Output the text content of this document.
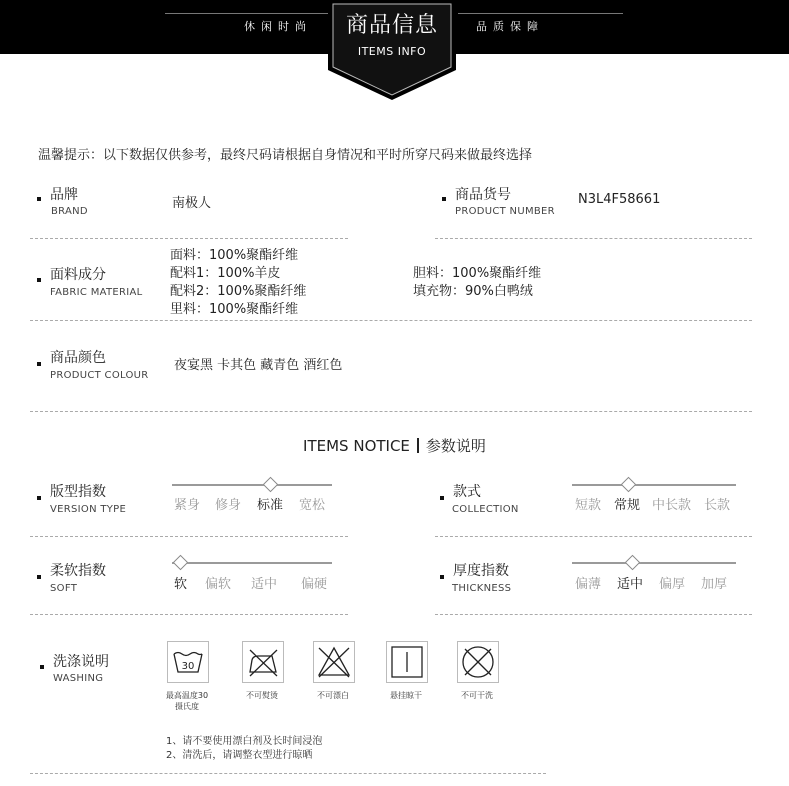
休闲时尚	品质保障
商品信息
ITEMS INFO
温馨提示：以下数据仅供参考，最终尺码请根据自身情况和平时所穿尺码来做最终选择
品牌
BRAND
南极人
商品货号
PRODUCT NUMBER
N3L4F58661
面料成分
FABRIC MATERIAL
面料：100%聚酯纤维
配料1：100%羊皮
配料2：100%聚酯纤维
里料：100%聚酯纤维
胆料：100%聚酯纤维
填充物：90%白鸭绒
商品颜色
PRODUCT COLOUR
夜宴黑 卡其色 藏青色 酒红色
ITEMS NOTICE 参数说明
版型指数
VERSION TYPE	紧身 修身 标准 宽松
款式
COLLECTION	短款 常规 中长款 长款
柔软指数
SOFT	软 偏软 适中 偏硬
厚度指数
THICKNESS	偏薄 适中 偏厚 加厚
洗涤说明
WASHING
30
最高温度30
摄氏度
不可熨烫	不可漂白	悬挂晾干	不可干洗
1、请不要使用漂白剂及长时间浸泡
2、清洗后，请调整衣型进行晾晒
